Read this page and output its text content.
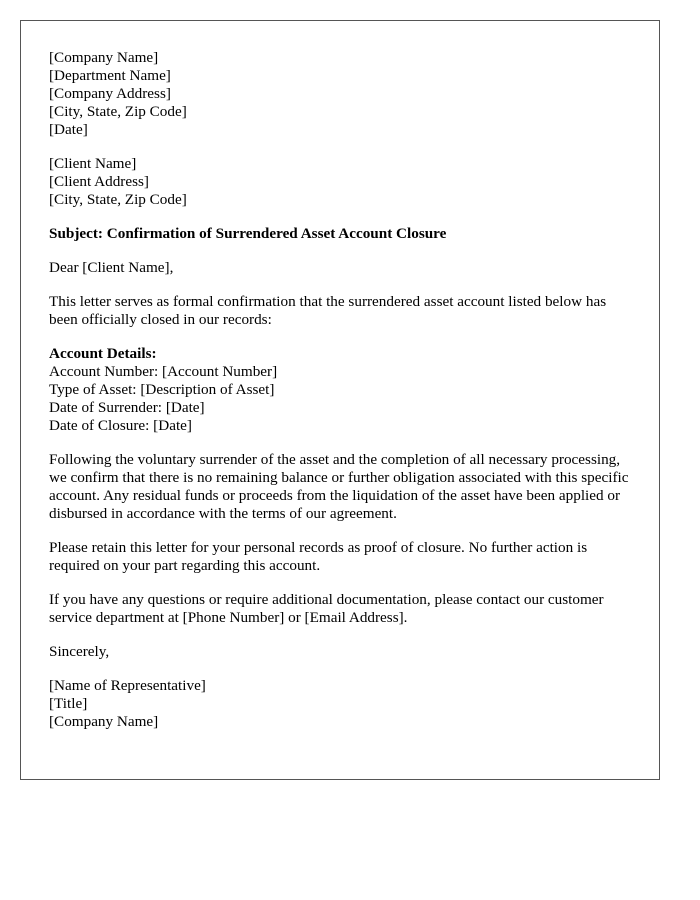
[Company Name]
[Department Name]
[Company Address]
[City, State, Zip Code]
[Date]
[Client Name]
[Client Address]
[City, State, Zip Code]

Subject: Confirmation of Surrendered Asset Account Closure

Dear [Client Name],

This letter serves as formal confirmation that the surrendered asset account listed below has been officially closed in our records:

Account Details:
Account Number: [Account Number]
Type of Asset: [Description of Asset]
Date of Surrender: [Date]
Date of Closure: [Date]

Following the voluntary surrender of the asset and the completion of all necessary processing, we confirm that there is no remaining balance or further obligation associated with this specific account. Any residual funds or proceeds from the liquidation of the asset have been applied or disbursed in accordance with the terms of our agreement.

Please retain this letter for your personal records as proof of closure. No further action is required on your part regarding this account.

If you have any questions or require additional documentation, please contact our customer service department at [Phone Number] or [Email Address].

Sincerely,

[Name of Representative]
[Title]
[Company Name]
